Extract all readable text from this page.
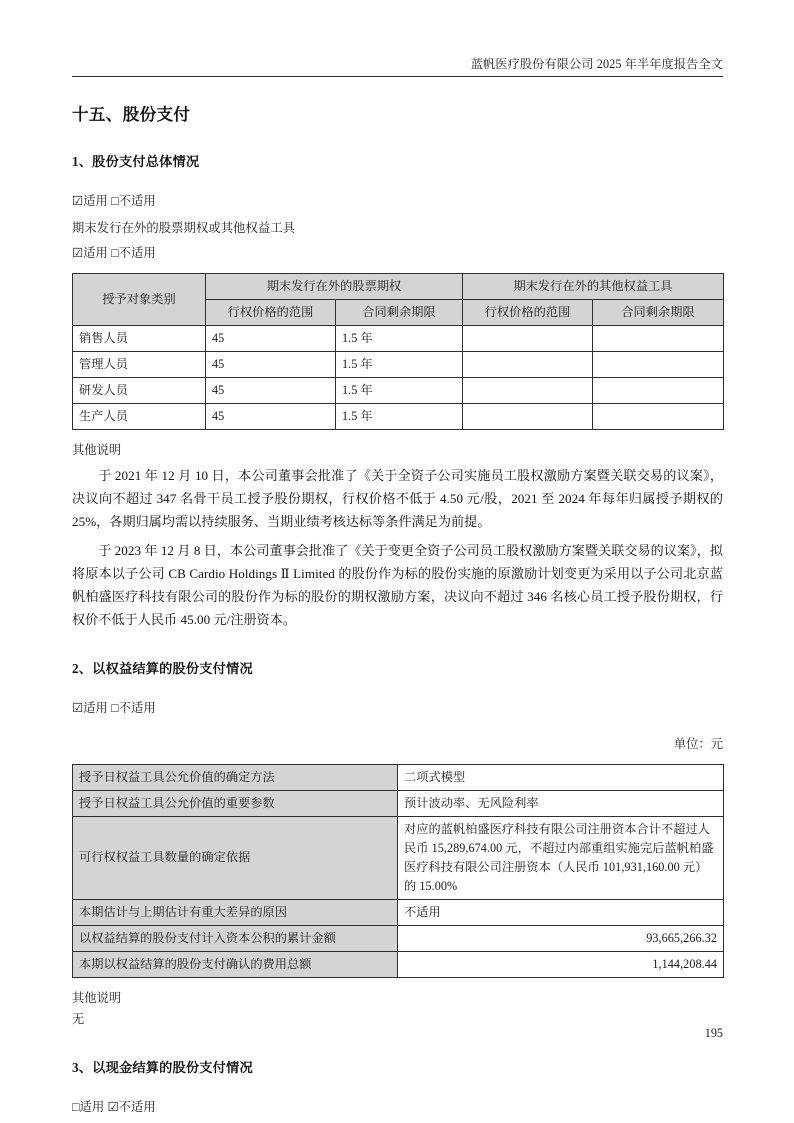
蓝帆医疗股份有限公司 2025 年半年度报告全文
十五、股份支付
1、股份支付总体情况

☑适用 □不适用

期末发行在外的股票期权或其他权益工具

☑适用 □不适用

授予对象类别	期末发行在外的股票期权		期末发行在外的其他权益工具	
	行权价格的范围	合同剩余期限	行权价格的范围	合同剩余期限
销售人员	45	1.5 年		
管理人员	45	1.5 年		
研发人员	45	1.5 年		
生产人员	45	1.5 年		

其他说明

于 2021 年 12 月 10 日，本公司董事会批准了《关于全资子公司实施员工股权激励方案暨关联交易的议案》，决议向不超过 347 名骨干员工授予股份期权，行权价格不低于 4.50 元/股，2021 至 2024 年每年归属授予期权的 25%，各期归属均需以持续服务、当期业绩考核达标等条件满足为前提。

于 2023 年 12 月 8 日，本公司董事会批准了《关于变更全资子公司员工股权激励方案暨关联交易的议案》，拟将原本以子公司 CB Cardio Holdings Ⅱ Limited 的股份作为标的股份实施的原激励计划变更为采用以子公司北京蓝帆柏盛医疗科技有限公司的股份作为标的股份的期权激励方案，决议向不超过 346 名核心员工授予股份期权，行权价不低于人民币 45.00 元/注册资本。

2、以权益结算的股份支付情况

☑适用 □不适用

单位：元

授予日权益工具公允价值的确定方法	二项式模型
授予日权益工具公允价值的重要参数	预计波动率、无风险利率
可行权权益工具数量的确定依据	对应的蓝帆柏盛医疗科技有限公司注册资本合计不超过人民币 15,289,674.00 元，不超过内部重组实施完后蓝帆柏盛医疗科技有限公司注册资本（人民币 101,931,160.00 元）的 15.00%
本期估计与上期估计有重大差异的原因	不适用
以权益结算的股份支付计入资本公积的累计金额	93,665,266.32
本期以权益结算的股份支付确认的费用总额	1,144,208.44

其他说明

无

3、以现金结算的股份支付情况

□适用 ☑不适用

195
